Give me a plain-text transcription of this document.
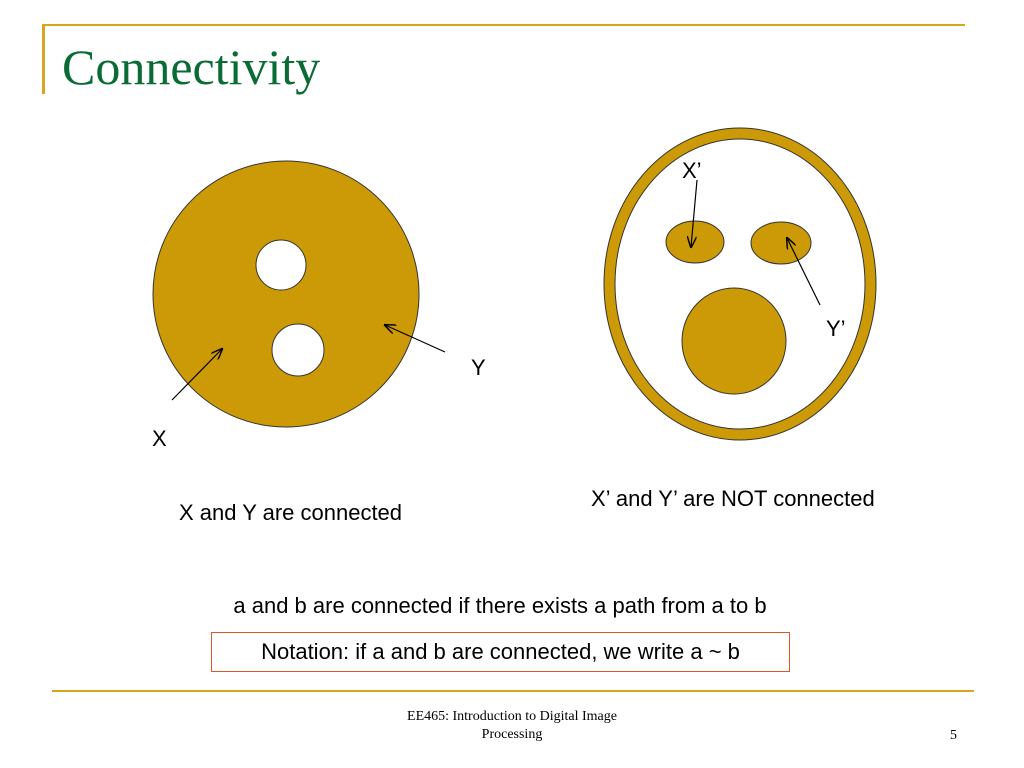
Connectivity
X
Y
X’
Y’
X and Y are connected
X’ and Y’ are NOT connected
a and b are connected if there exists a path from a to b
Notation: if a and b are connected, we write a ~ b
EE465: Introduction to Digital Image
Processing	5
